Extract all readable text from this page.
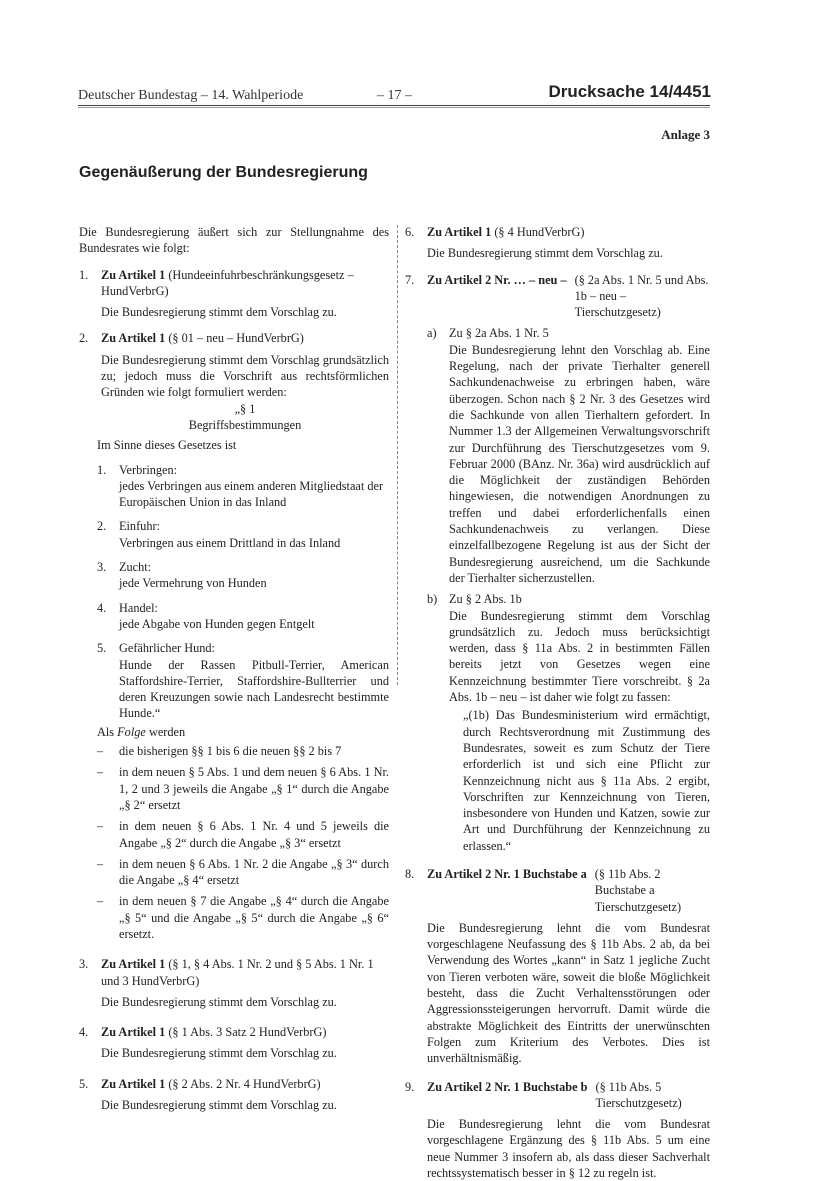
Deutscher Bundestag – 14. Wahlperiode	– 17 –	Drucksache 14/4451
Anlage 3
Gegenäußerung der Bundesregierung

Die Bundesregierung äußert sich zur Stellungnahme des Bundesrates wie folgt:

1. Zu Artikel 1 (Hundeeinfuhrbeschränkungsgesetz – HundVerbrG)
Die Bundesregierung stimmt dem Vorschlag zu.
2. Zu Artikel 1 (§ 01 – neu – HundVerbrG)
Die Bundesregierung stimmt dem Vorschlag grundsätzlich zu; jedoch muss die Vorschrift aus rechtsförmlichen Gründen wie folgt formuliert werden:
„§ 1
Begriffsbestimmungen
Im Sinne dieses Gesetzes ist
1. Verbringen:
jedes Verbringen aus einem anderen Mitgliedstaat der Europäischen Union in das Inland
2. Einfuhr:
Verbringen aus einem Drittland in das Inland
3. Zucht:
jede Vermehrung von Hunden
4. Handel:
jede Abgabe von Hunden gegen Entgelt
5. Gefährlicher Hund:
Hunde der Rassen Pitbull-Terrier, American Staffordshire-Terrier, Staffordshire-Bullterrier und deren Kreuzungen sowie nach Landesrecht bestimmte Hunde.“
Als Folge werden
– die bisherigen §§ 1 bis 6 die neuen §§ 2 bis 7
– in dem neuen § 5 Abs. 1 und dem neuen § 6 Abs. 1 Nr. 1, 2 und 3 jeweils die Angabe „§ 1“ durch die Angabe „§ 2“ ersetzt
– in dem neuen § 6 Abs. 1 Nr. 4 und 5 jeweils die Angabe „§ 2“ durch die Angabe „§ 3“ ersetzt
– in dem neuen § 6 Abs. 1 Nr. 2 die Angabe „§ 3“ durch die Angabe „§ 4“ ersetzt
– in dem neuen § 7 die Angabe „§ 4“ durch die Angabe „§ 5“ und die Angabe „§ 5“ durch die Angabe „§ 6“ ersetzt.
3. Zu Artikel 1 (§ 1, § 4 Abs. 1 Nr. 2 und § 5 Abs. 1 Nr. 1 und 3 HundVerbrG)
Die Bundesregierung stimmt dem Vorschlag zu.
4. Zu Artikel 1 (§ 1 Abs. 3 Satz 2 HundVerbrG)
Die Bundesregierung stimmt dem Vorschlag zu.
5. Zu Artikel 1 (§ 2 Abs. 2 Nr. 4 HundVerbrG)
Die Bundesregierung stimmt dem Vorschlag zu.
6. Zu Artikel 1 (§ 4 HundVerbrG)
Die Bundesregierung stimmt dem Vorschlag zu.
7. Zu Artikel 2 Nr. … – neu – (§ 2a Abs. 1 Nr. 5 und Abs. 1b – neu – Tierschutzgesetz)
a) Zu § 2a Abs. 1 Nr. 5
Die Bundesregierung lehnt den Vorschlag ab. Eine Regelung, nach der private Tierhalter generell Sachkundenachweise zu erbringen haben, wäre überzogen. Schon nach § 2 Nr. 3 des Gesetzes wird die Sachkunde von allen Tierhaltern gefordert. In Nummer 1.3 der Allgemeinen Verwaltungsvorschrift zur Durchführung des Tierschutzgesetzes vom 9. Februar 2000 (BAnz. Nr. 36a) wird ausdrücklich auf die Möglichkeit der zuständigen Behörden hingewiesen, die notwendigen Anordnungen zu treffen und dabei erforderlichenfalls einen Sachkundenachweis zu verlangen. Diese einzelfallbezogene Regelung ist aus der Sicht der Bundesregierung ausreichend, um die Sachkunde der Tierhalter sicherzustellen.
b) Zu § 2 Abs. 1b
Die Bundesregierung stimmt dem Vorschlag grundsätzlich zu. Jedoch muss berücksichtigt werden, dass § 11a Abs. 2 in bestimmten Fällen bereits jetzt von Gesetzes wegen eine Kennzeichnung bestimmter Tiere vorschreibt. § 2a Abs. 1b – neu – ist daher wie folgt zu fassen:
„(1b) Das Bundesministerium wird ermächtigt, durch Rechtsverordnung mit Zustimmung des Bundesrates, soweit es zum Schutz der Tiere erforderlich ist und sich eine Pflicht zur Kennzeichnung nicht aus § 11a Abs. 2 ergibt, Vorschriften zur Kennzeichnung von Tieren, insbesondere von Hunden und Katzen, sowie zur Art und Durchführung der Kennzeichnung zu erlassen.“
8. Zu Artikel 2 Nr. 1 Buchstabe a (§ 11b Abs. 2 Buchstabe a Tierschutzgesetz)
Die Bundesregierung lehnt die vom Bundesrat vorgeschlagene Neufassung des § 11b Abs. 2 ab, da bei Verwendung des Wortes „kann“ in Satz 1 jegliche Zucht von Tieren verboten wäre, soweit die bloße Möglichkeit besteht, dass die Zucht Verhaltensstörungen oder Aggressionssteigerungen hervorruft. Damit würde die abstrakte Möglichkeit des Eintritts der unerwünschten Folgen zum Kriterium des Verbotes. Dies ist unverhältnismäßig.
9. Zu Artikel 2 Nr. 1 Buchstabe b (§ 11b Abs. 5 Tierschutzgesetz)
Die Bundesregierung lehnt die vom Bundesrat vorgeschlagene Ergänzung des § 11b Abs. 5 um eine neue Nummer 3 insofern ab, als dass dieser Sachverhalt rechtssystematisch besser in § 12 zu regeln ist.
